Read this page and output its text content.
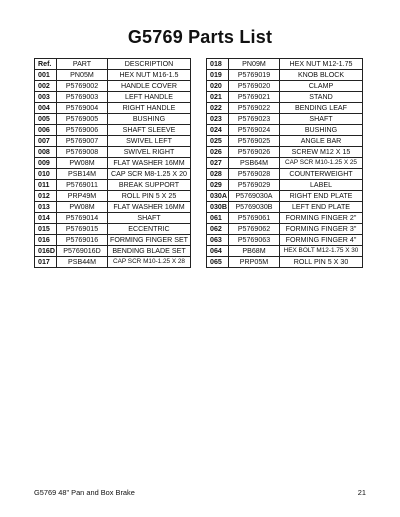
G5769 Parts List
Ref.	PART	DESCRIPTION
001	PN05M	HEX NUT M16-1.5
002	P5769002	HANDLE COVER
003	P5769003	LEFT HANDLE
004	P5769004	RIGHT HANDLE
005	P5769005	BUSHING
006	P5769006	SHAFT SLEEVE
007	P5769007	SWIVEL LEFT
008	P5769008	SWIVEL RIGHT
009	PW08M	FLAT WASHER 16MM
010	PSB14M	CAP SCR M8-1.25 X 20
011	P5769011	BREAK SUPPORT
012	PRP49M	ROLL PIN 5 X 25
013	PW08M	FLAT WASHER 16MM
014	P5769014	SHAFT
015	P5769015	ECCENTRIC
016	P5769016	FORMING FINGER SET
016D	P5769016D	BENDING BLADE SET
017	PSB44M	CAP SCR M10-1.25 X 28
018	PN09M	HEX NUT M12-1.75
019	P5769019	KNOB BLOCK
020	P5769020	CLAMP
021	P5769021	STAND
022	P5769022	BENDING LEAF
023	P5769023	SHAFT
024	P5769024	BUSHING
025	P5769025	ANGLE BAR
026	P5769026	SCREW M12 X 15
027	PSB64M	CAP SCR M10-1.25 X 25
028	P5769028	COUNTERWEIGHT
029	P5769029	LABEL
030A	P5769030A	RIGHT END PLATE
030B	P5769030B	LEFT END PLATE
061	P5769061	FORMING FINGER 2"
062	P5769062	FORMING FINGER 3"
063	P5769063	FORMING FINGER 4"
064	PB68M	HEX BOLT M12-1.75 X 30
065	PRP05M	ROLL PIN 5 X 30
G5769 48" Pan and Box Brake	21
